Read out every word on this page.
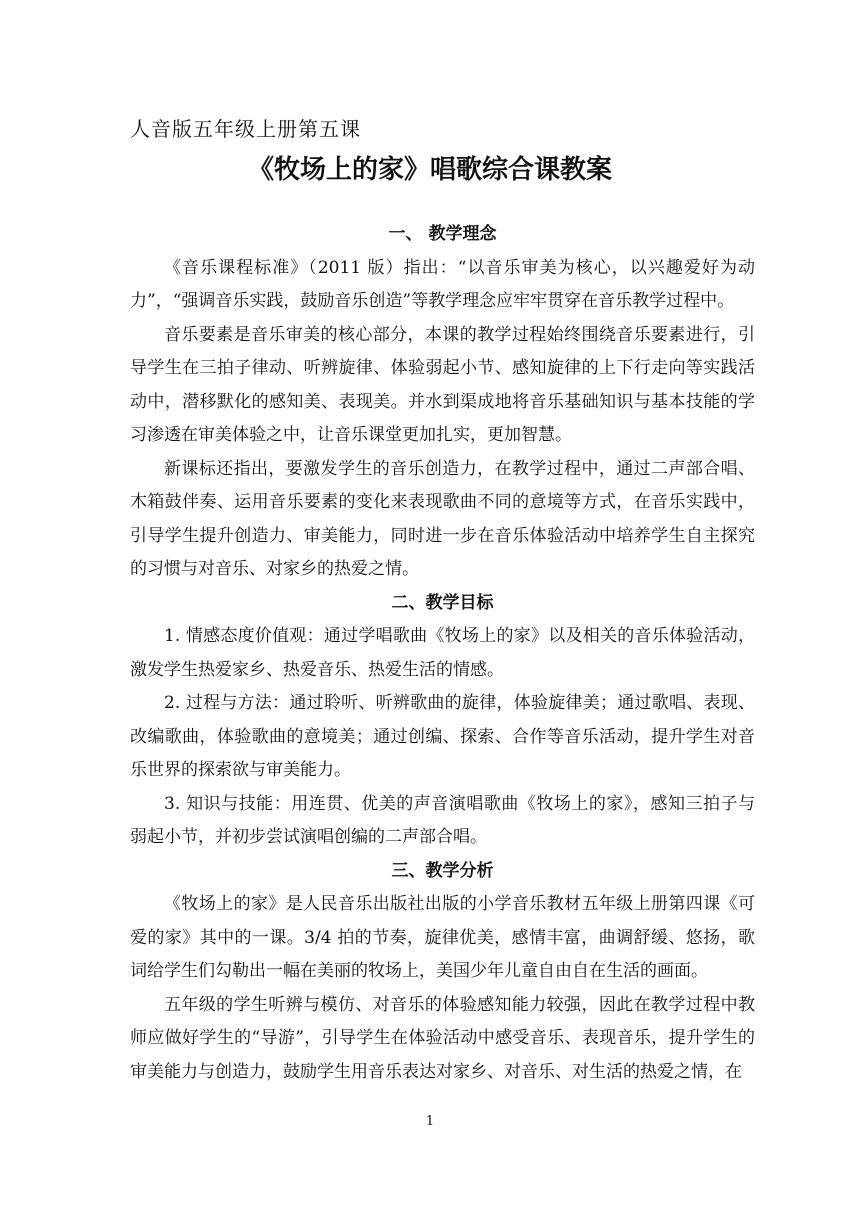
人音版五年级上册第五课
《牧场上的家》唱歌综合课教案
一、 教学理念

《音乐课程标准》（2011 版）指出：“以音乐审美为核心，以兴趣爱好为动力”，“强调音乐实践，鼓励音乐创造”等教学理念应牢牢贯穿在音乐教学过程中。

音乐要素是音乐审美的核心部分，本课的教学过程始终围绕音乐要素进行，引导学生在三拍子律动、听辨旋律、体验弱起小节、感知旋律的上下行走向等实践活动中，潜移默化的感知美、表现美。并水到渠成地将音乐基础知识与基本技能的学习渗透在审美体验之中，让音乐课堂更加扎实，更加智慧。

新课标还指出，要激发学生的音乐创造力，在教学过程中，通过二声部合唱、木箱鼓伴奏、运用音乐要素的变化来表现歌曲不同的意境等方式，在音乐实践中，引导学生提升创造力、审美能力，同时进一步在音乐体验活动中培养学生自主探究的习惯与对音乐、对家乡的热爱之情。

二、教学目标

1. 情感态度价值观：通过学唱歌曲《牧场上的家》以及相关的音乐体验活动，激发学生热爱家乡、热爱音乐、热爱生活的情感。

2. 过程与方法：通过聆听、听辨歌曲的旋律，体验旋律美；通过歌唱、表现、改编歌曲，体验歌曲的意境美；通过创编、探索、合作等音乐活动，提升学生对音乐世界的探索欲与审美能力。

3. 知识与技能：用连贯、优美的声音演唱歌曲《牧场上的家》，感知三拍子与弱起小节，并初步尝试演唱创编的二声部合唱。

三、教学分析

《牧场上的家》是人民音乐出版社出版的小学音乐教材五年级上册第四课《可爱的家》其中的一课。3/4 拍的节奏，旋律优美，感情丰富，曲调舒缓、悠扬，歌词给学生们勾勒出一幅在美丽的牧场上，美国少年儿童自由自在生活的画面。

五年级的学生听辨与模仿、对音乐的体验感知能力较强，因此在教学过程中教师应做好学生的“导游”，引导学生在体验活动中感受音乐、表现音乐，提升学生的审美能力与创造力，鼓励学生用音乐表达对家乡、对音乐、对生活的热爱之情，在

1
